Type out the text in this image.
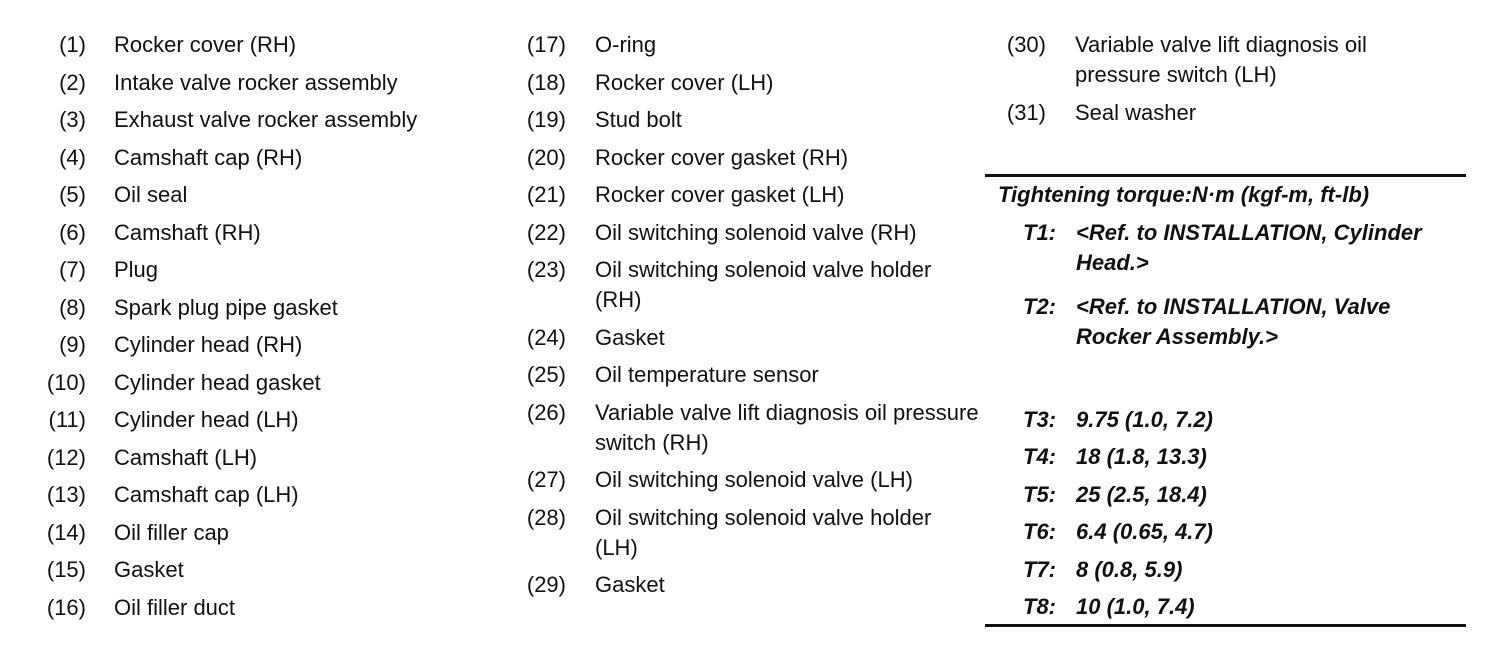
(1) Rocker cover (RH)
(2) Intake valve rocker assembly
(3) Exhaust valve rocker assembly
(4) Camshaft cap (RH)
(5) Oil seal
(6) Camshaft (RH)
(7) Plug
(8) Spark plug pipe gasket
(9) Cylinder head (RH)
(10) Cylinder head gasket
(11) Cylinder head (LH)
(12) Camshaft (LH)
(13) Camshaft cap (LH)
(14) Oil filler cap
(15) Gasket
(16) Oil filler duct
(17) O-ring
(18) Rocker cover (LH)
(19) Stud bolt
(20) Rocker cover gasket (RH)
(21) Rocker cover gasket (LH)
(22) Oil switching solenoid valve (RH)
(23) Oil switching solenoid valve holder (RH)
(24) Gasket
(25) Oil temperature sensor
(26) Variable valve lift diagnosis oil pressure switch (RH)
(27) Oil switching solenoid valve (LH)
(28) Oil switching solenoid valve holder (LH)
(29) Gasket
(30) Variable valve lift diagnosis oil pressure switch (LH)
(31) Seal washer
Tightening torque:N·m (kgf-m, ft-lb)
T1: <Ref. to INSTALLATION, Cylinder Head.>
T2: <Ref. to INSTALLATION, Valve Rocker Assembly.>
T3: 9.75 (1.0, 7.2)
T4: 18 (1.8, 13.3)
T5: 25 (2.5, 18.4)
T6: 6.4 (0.65, 4.7)
T7: 8 (0.8, 5.9)
T8: 10 (1.0, 7.4)
